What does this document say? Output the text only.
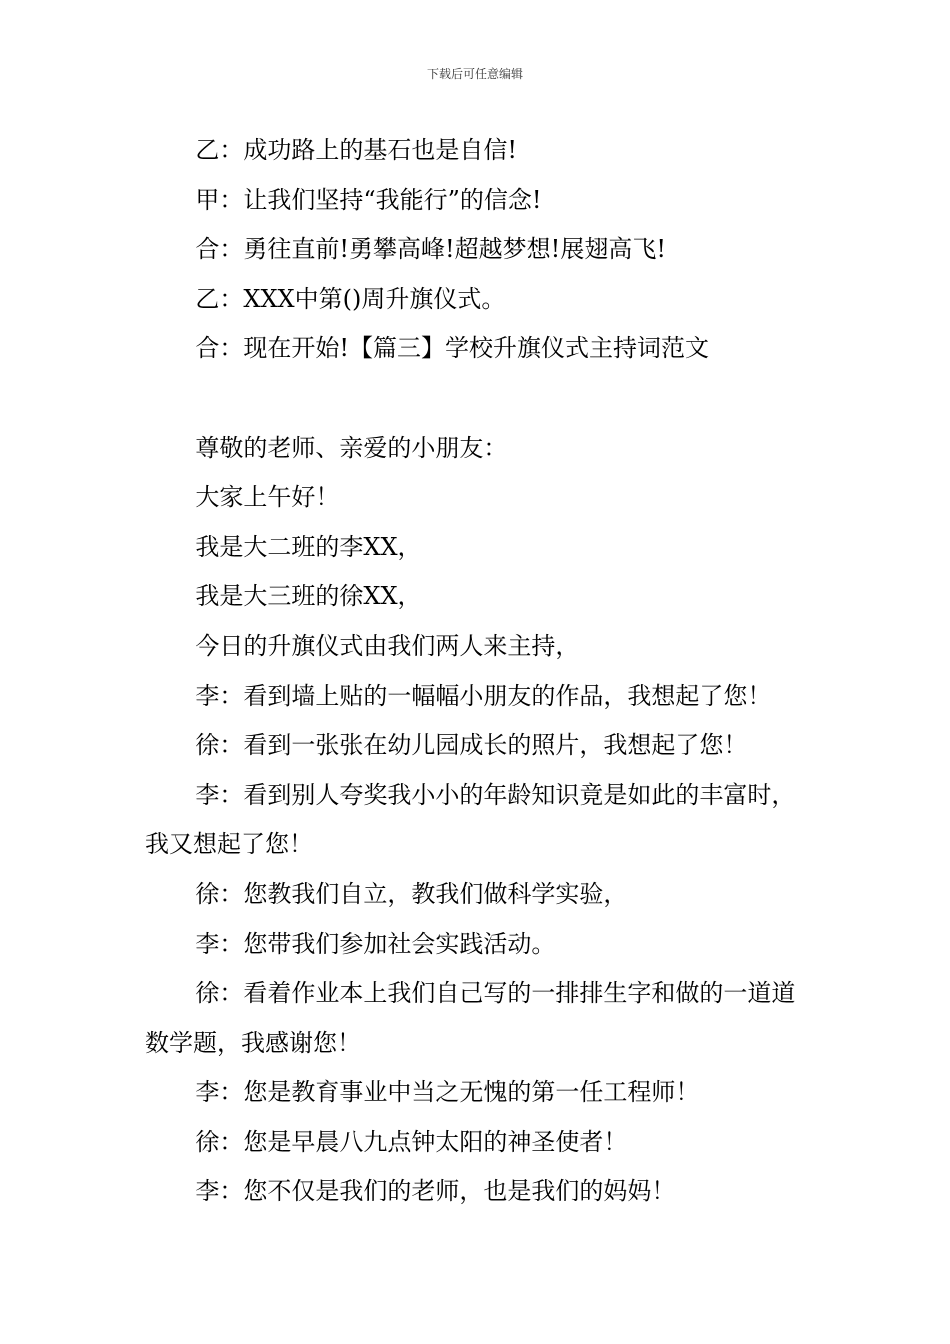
下载后可任意编辑

乙：成功路上的基石也是自信!

甲：让我们坚持“我能行”的信念!

合：勇往直前!勇攀高峰!超越梦想!展翅高飞!

乙：XXX中第()周升旗仪式。

合：现在开始!【篇三】学校升旗仪式主持词范文

尊敬的老师、亲爱的小朋友：

大家上午好！

我是大二班的李XX，

我是大三班的徐XX，

今日的升旗仪式由我们两人来主持，

李：看到墙上贴的一幅幅小朋友的作品，我想起了您！

徐：看到一张张在幼儿园成长的照片，我想起了您！

李：看到别人夸奖我小小的年龄知识竟是如此的丰富时，我又想起了您！

徐：您教我们自立，教我们做科学实验，

李：您带我们参加社会实践活动。

徐：看着作业本上我们自己写的一排排生字和做的一道道数学题，我感谢您！

李：您是教育事业中当之无愧的第一任工程师！

徐：您是早晨八九点钟太阳的神圣使者！

李：您不仅是我们的老师，也是我们的妈妈！
